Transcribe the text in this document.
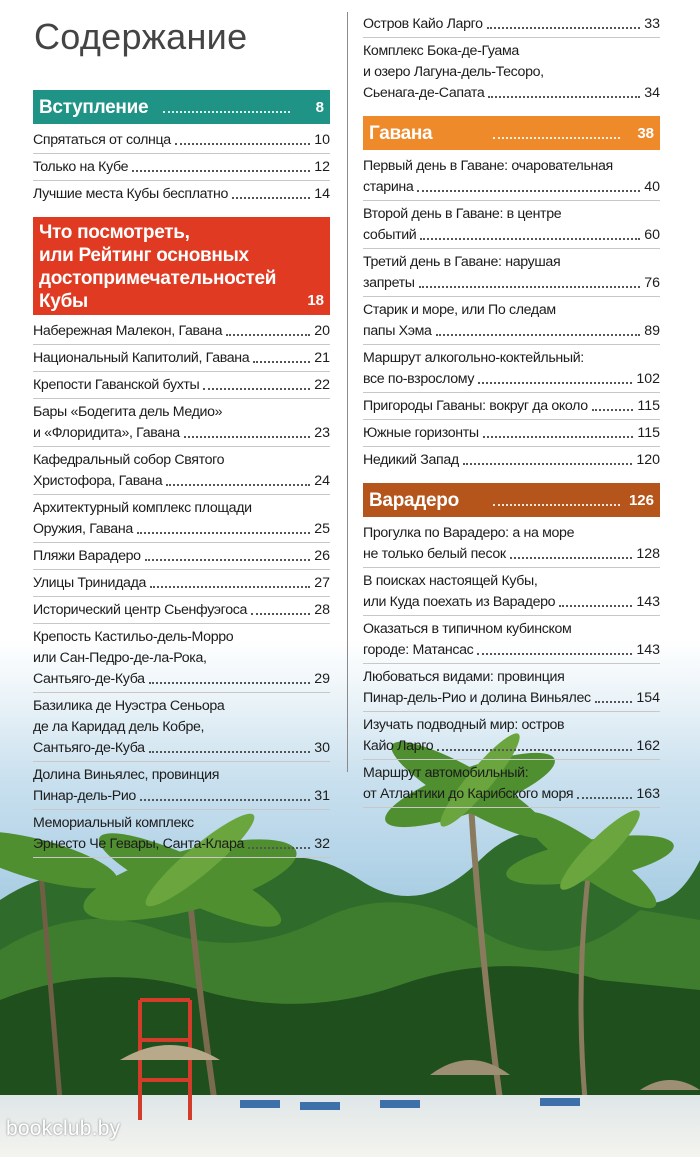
Содержание
Вступление	8
Спрятаться от солнца	10
Только на Кубе	12
Лучшие места Кубы бесплатно	14
Что посмотреть,
или Рейтинг основных
достопримечательностей
Кубы	18
Набережная Малекон, Гавана	20
Национальный Капитолий, Гавана	21
Крепости Гаванской бухты	22
Бары «Бодегита дель Медио»
и «Флоридита», Гавана	23
Кафедральный собор Святого
Христофора, Гавана	24
Архитектурный комплекс площади
Оружия, Гавана	25
Пляжи Варадеро	26
Улицы Тринидада	27
Исторический центр Сьенфуэгоса	28
Крепость Кастильо-дель-Морро
или Сан-Педро-де-ла-Рока,
Сантьяго-де-Куба	29
Базилика де Нуэстра Сеньора
де ла Каридад дель Кобре,
Сантьяго-де-Куба	30
Долина Виньялес, провинция
Пинар-дель-Рио	31
Мемориальный комплекс
Эрнесто Че Гевары, Санта-Клара	32
Остров Кайо Ларго	33
Комплекс Бока-де-Гуама
и озеро Лагуна-дель-Тесоро,
Сьенага-де-Сапата	34
Гавана	38
Первый день в Гаване: очаровательная
старина	40
Второй день в Гаване: в центре
событий	60
Третий день в Гаване: нарушая
запреты	76
Старик и море, или По следам
папы Хэма	89
Маршрут алкогольно-коктейльный:
все по-взрослому	102
Пригороды Гаваны: вокруг да около	115
Южные горизонты	115
Недикий Запад	120
Варадеро	126
Прогулка по Варадеро: а на море
не только белый песок	128
В поисках настоящей Кубы,
или Куда поехать из Варадеро	143
Оказаться в типичном кубинском
городе: Матансас	143
Любоваться видами: провинция
Пинар-дель-Рио и долина Виньялес	154
Изучать подводный мир: остров
Кайо Ларго	162
Маршрут автомобильный:
от Атлантики до Карибского моря	163
bookclub.by
